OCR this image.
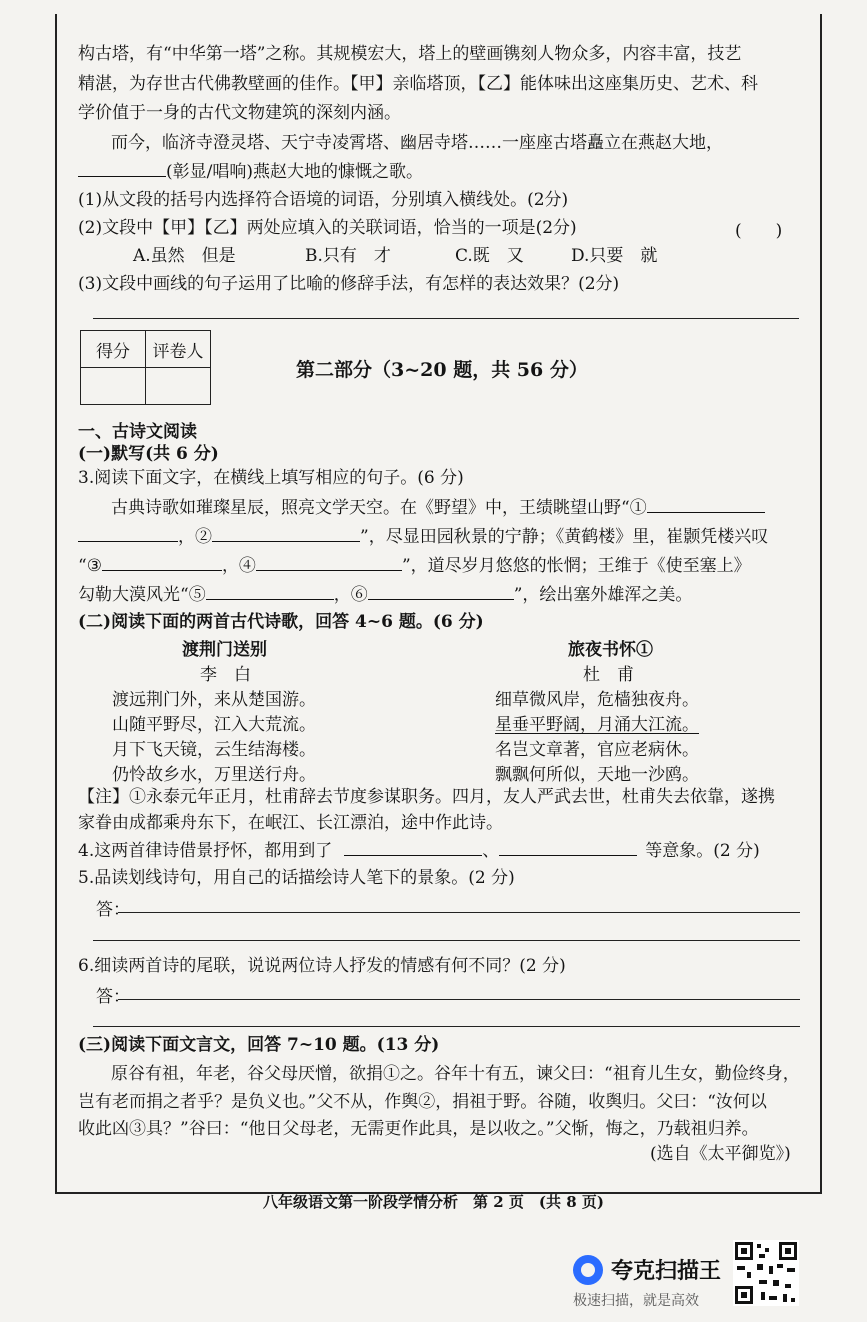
构古塔，有“中华第一塔”之称。其规模宏大，塔上的壁画镌刻人物众多，内容丰富，技艺
精湛，为存世古代佛教壁画的佳作。【甲】亲临塔顶，【乙】能体味出这座集历史、艺术、科
学价值于一身的古代文物建筑的深刻内涵。
而今，临济寺澄灵塔、天宁寺凌霄塔、幽居寺塔……一座座古塔矗立在燕赵大地，
(彰显/唱响)燕赵大地的慷慨之歌。
(1)从文段的括号内选择符合语境的词语，分别填入横线处。(2分)
(2)文段中【甲】【乙】两处应填入的关联词语，恰当的一项是(2分)	(　　)
A.虽然　但是	B.只有　才	C.既　又	D.只要　就
(3)文段中画线的句子运用了比喻的修辞手法，有怎样的表达效果？(2分)
得分	评卷人

第二部分（3~20 题，共 56 分）
一、古诗文阅读
(一)默写(共 6 分)
3.阅读下面文字，在横线上填写相应的句子。(6 分)
古典诗歌如璀璨星辰，照亮文学天空。在《野望》中，王绩眺望山野“①
，②	”，尽显田园秋景的宁静；《黄鹤楼》里，崔颢凭楼兴叹
“③	，④	”，道尽岁月悠悠的怅惘；王维于《使至塞上》
勾勒大漠风光“⑤	，⑥	”，绘出塞外雄浑之美。
(二)阅读下面的两首古代诗歌，回答 4~6 题。(6 分)
渡荆门送别
李　白
渡远荆门外，来从楚国游。
山随平野尽，江入大荒流。
月下飞天镜，云生结海楼。
仍怜故乡水，万里送行舟。
旅夜书怀①
杜　甫
细草微风岸，危樯独夜舟。
星垂平野阔，月涌大江流。
名岂文章著，官应老病休。
飘飘何所似，天地一沙鸥。
【注】①永泰元年正月，杜甫辞去节度参谋职务。四月，友人严武去世，杜甫失去依靠，遂携
家眷由成都乘舟东下，在岷江、长江漂泊，途中作此诗。
4.这两首律诗借景抒怀，都用到了	、	等意象。(2 分)
5.品读划线诗句，用自己的话描绘诗人笔下的景象。(2 分)
答：
6.细读两首诗的尾联，说说两位诗人抒发的情感有何不同？(2 分)
答：
(三)阅读下面文言文，回答 7~10 题。(13 分)
原谷有祖，年老，谷父母厌憎，欲捐①之。谷年十有五，谏父曰：“祖育儿生女，勤俭终身，
岂有老而捐之者乎？是负义也。”父不从，作舆②，捐祖于野。谷随，收舆归。父曰：“汝何以
收此凶③具？”谷曰：“他日父母老，无需更作此具，是以收之。”父惭，悔之，乃载祖归养。
(选自《太平御览》)
八年级语文第一阶段学情分析　第 2 页　(共 8 页)
夸克扫描王
极速扫描，就是高效
